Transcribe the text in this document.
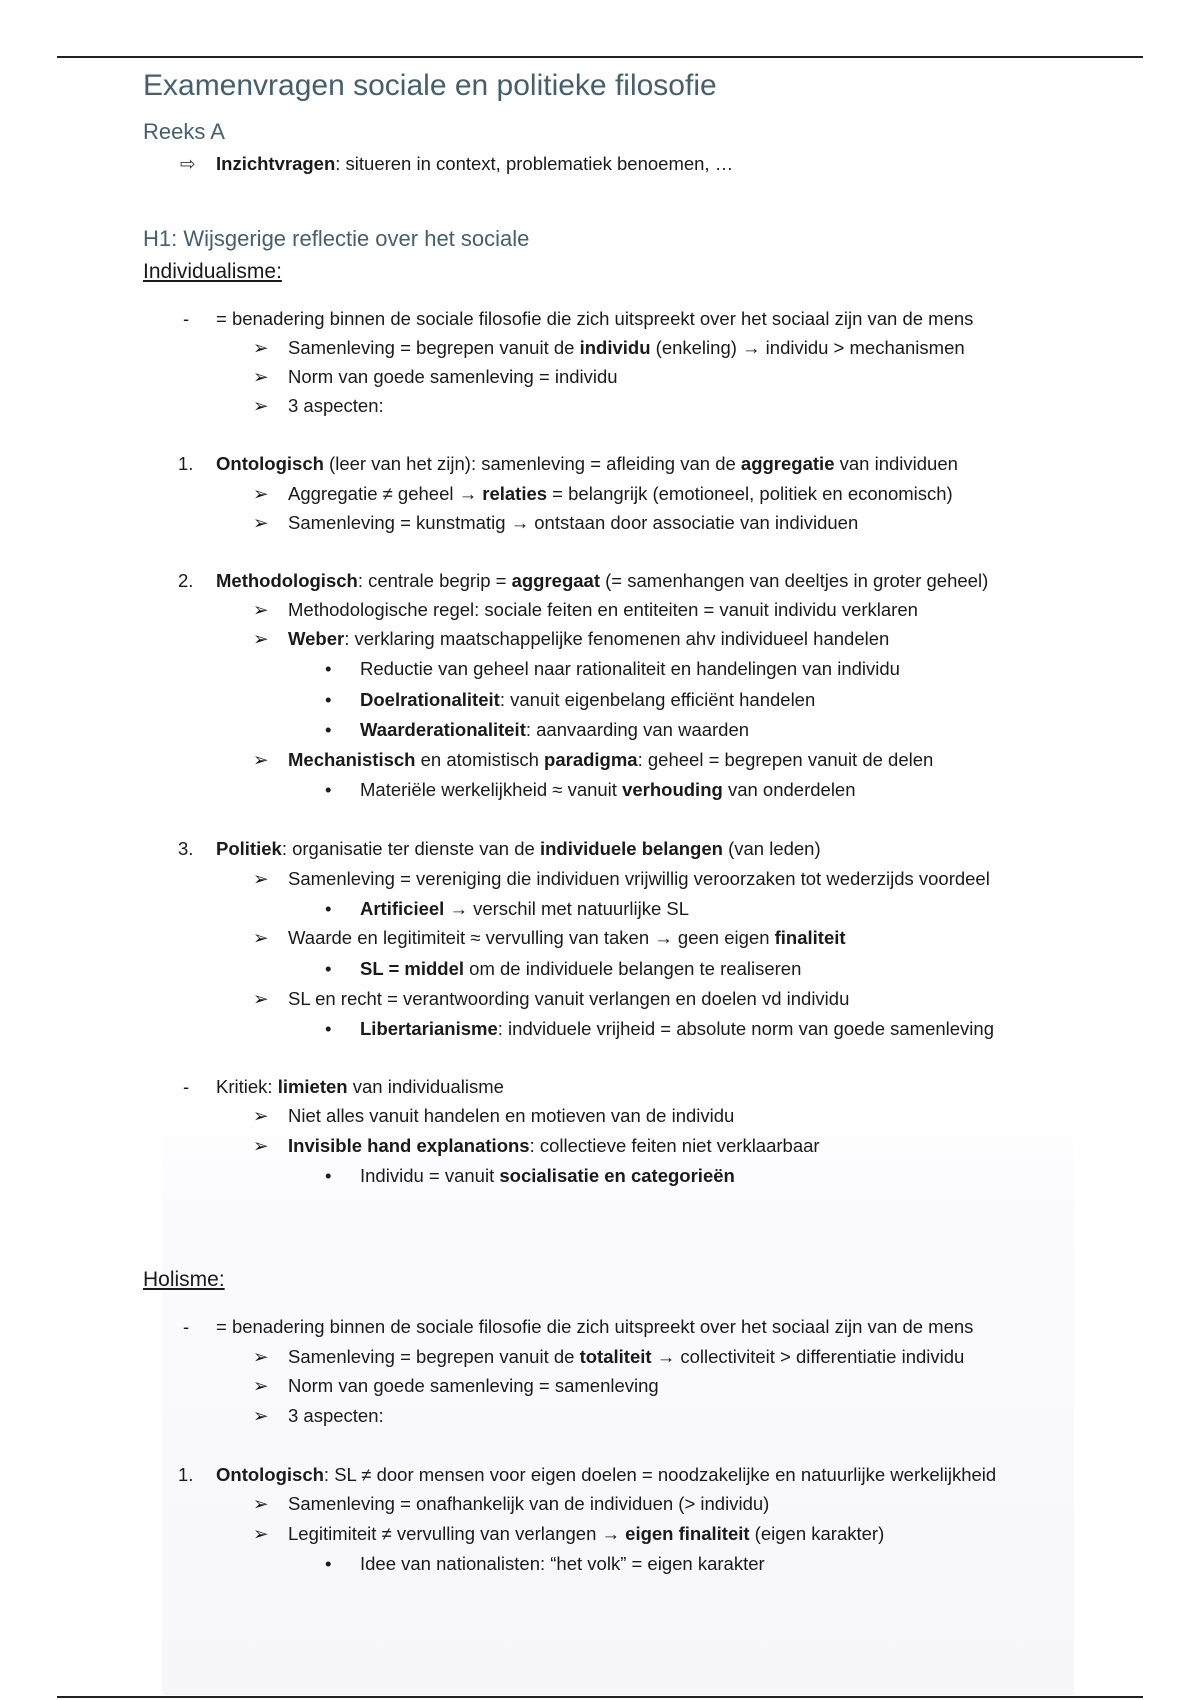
Examenvragen sociale en politieke filosofie
Reeks A
⇨ Inzichtvragen: situeren in context, problematiek benoemen, …
H1: Wijsgerige reflectie over het sociale
Individualisme:
- = benadering binnen de sociale filosofie die zich uitspreekt over het sociaal zijn van de mens
➢ Samenleving = begrepen vanuit de individu (enkeling) → individu > mechanismen
➢ Norm van goede samenleving = individu
➢ 3 aspecten:
1. Ontologisch (leer van het zijn): samenleving = afleiding van de aggregatie van individuen
➢ Aggregatie ≠ geheel → relaties = belangrijk (emotioneel, politiek en economisch)
➢ Samenleving = kunstmatig → ontstaan door associatie van individuen
2. Methodologisch: centrale begrip = aggregaat (= samenhangen van deeltjes in groter geheel)
➢ Methodologische regel: sociale feiten en entiteiten = vanuit individu verklaren
➢ Weber: verklaring maatschappelijke fenomenen ahv individueel handelen
• Reductie van geheel naar rationaliteit en handelingen van individu
• Doelrationaliteit: vanuit eigenbelang efficiënt handelen
• Waarderationaliteit: aanvaarding van waarden
➢ Mechanistisch en atomistisch paradigma: geheel = begrepen vanuit de delen
• Materiële werkelijkheid ≈ vanuit verhouding van onderdelen
3. Politiek: organisatie ter dienste van de individuele belangen (van leden)
➢ Samenleving = vereniging die individuen vrijwillig veroorzaken tot wederzijds voordeel
• Artificieel → verschil met natuurlijke SL
➢ Waarde en legitimiteit ≈ vervulling van taken → geen eigen finaliteit
• SL = middel om de individuele belangen te realiseren
➢ SL en recht = verantwoording vanuit verlangen en doelen vd individu
• Libertarianisme: indviduele vrijheid = absolute norm van goede samenleving
- Kritiek: limieten van individualisme
➢ Niet alles vanuit handelen en motieven van de individu
➢ Invisible hand explanations: collectieve feiten niet verklaarbaar
• Individu = vanuit socialisatie en categorieën
Holisme:
- = benadering binnen de sociale filosofie die zich uitspreekt over het sociaal zijn van de mens
➢ Samenleving = begrepen vanuit de totaliteit → collectiviteit > differentiatie individu
➢ Norm van goede samenleving = samenleving
➢ 3 aspecten:
1. Ontologisch: SL ≠ door mensen voor eigen doelen = noodzakelijke en natuurlijke werkelijkheid
➢ Samenleving = onafhankelijk van de individuen (> individu)
➢ Legitimiteit ≠ vervulling van verlangen → eigen finaliteit (eigen karakter)
• Idee van nationalisten: “het volk” = eigen karakter
